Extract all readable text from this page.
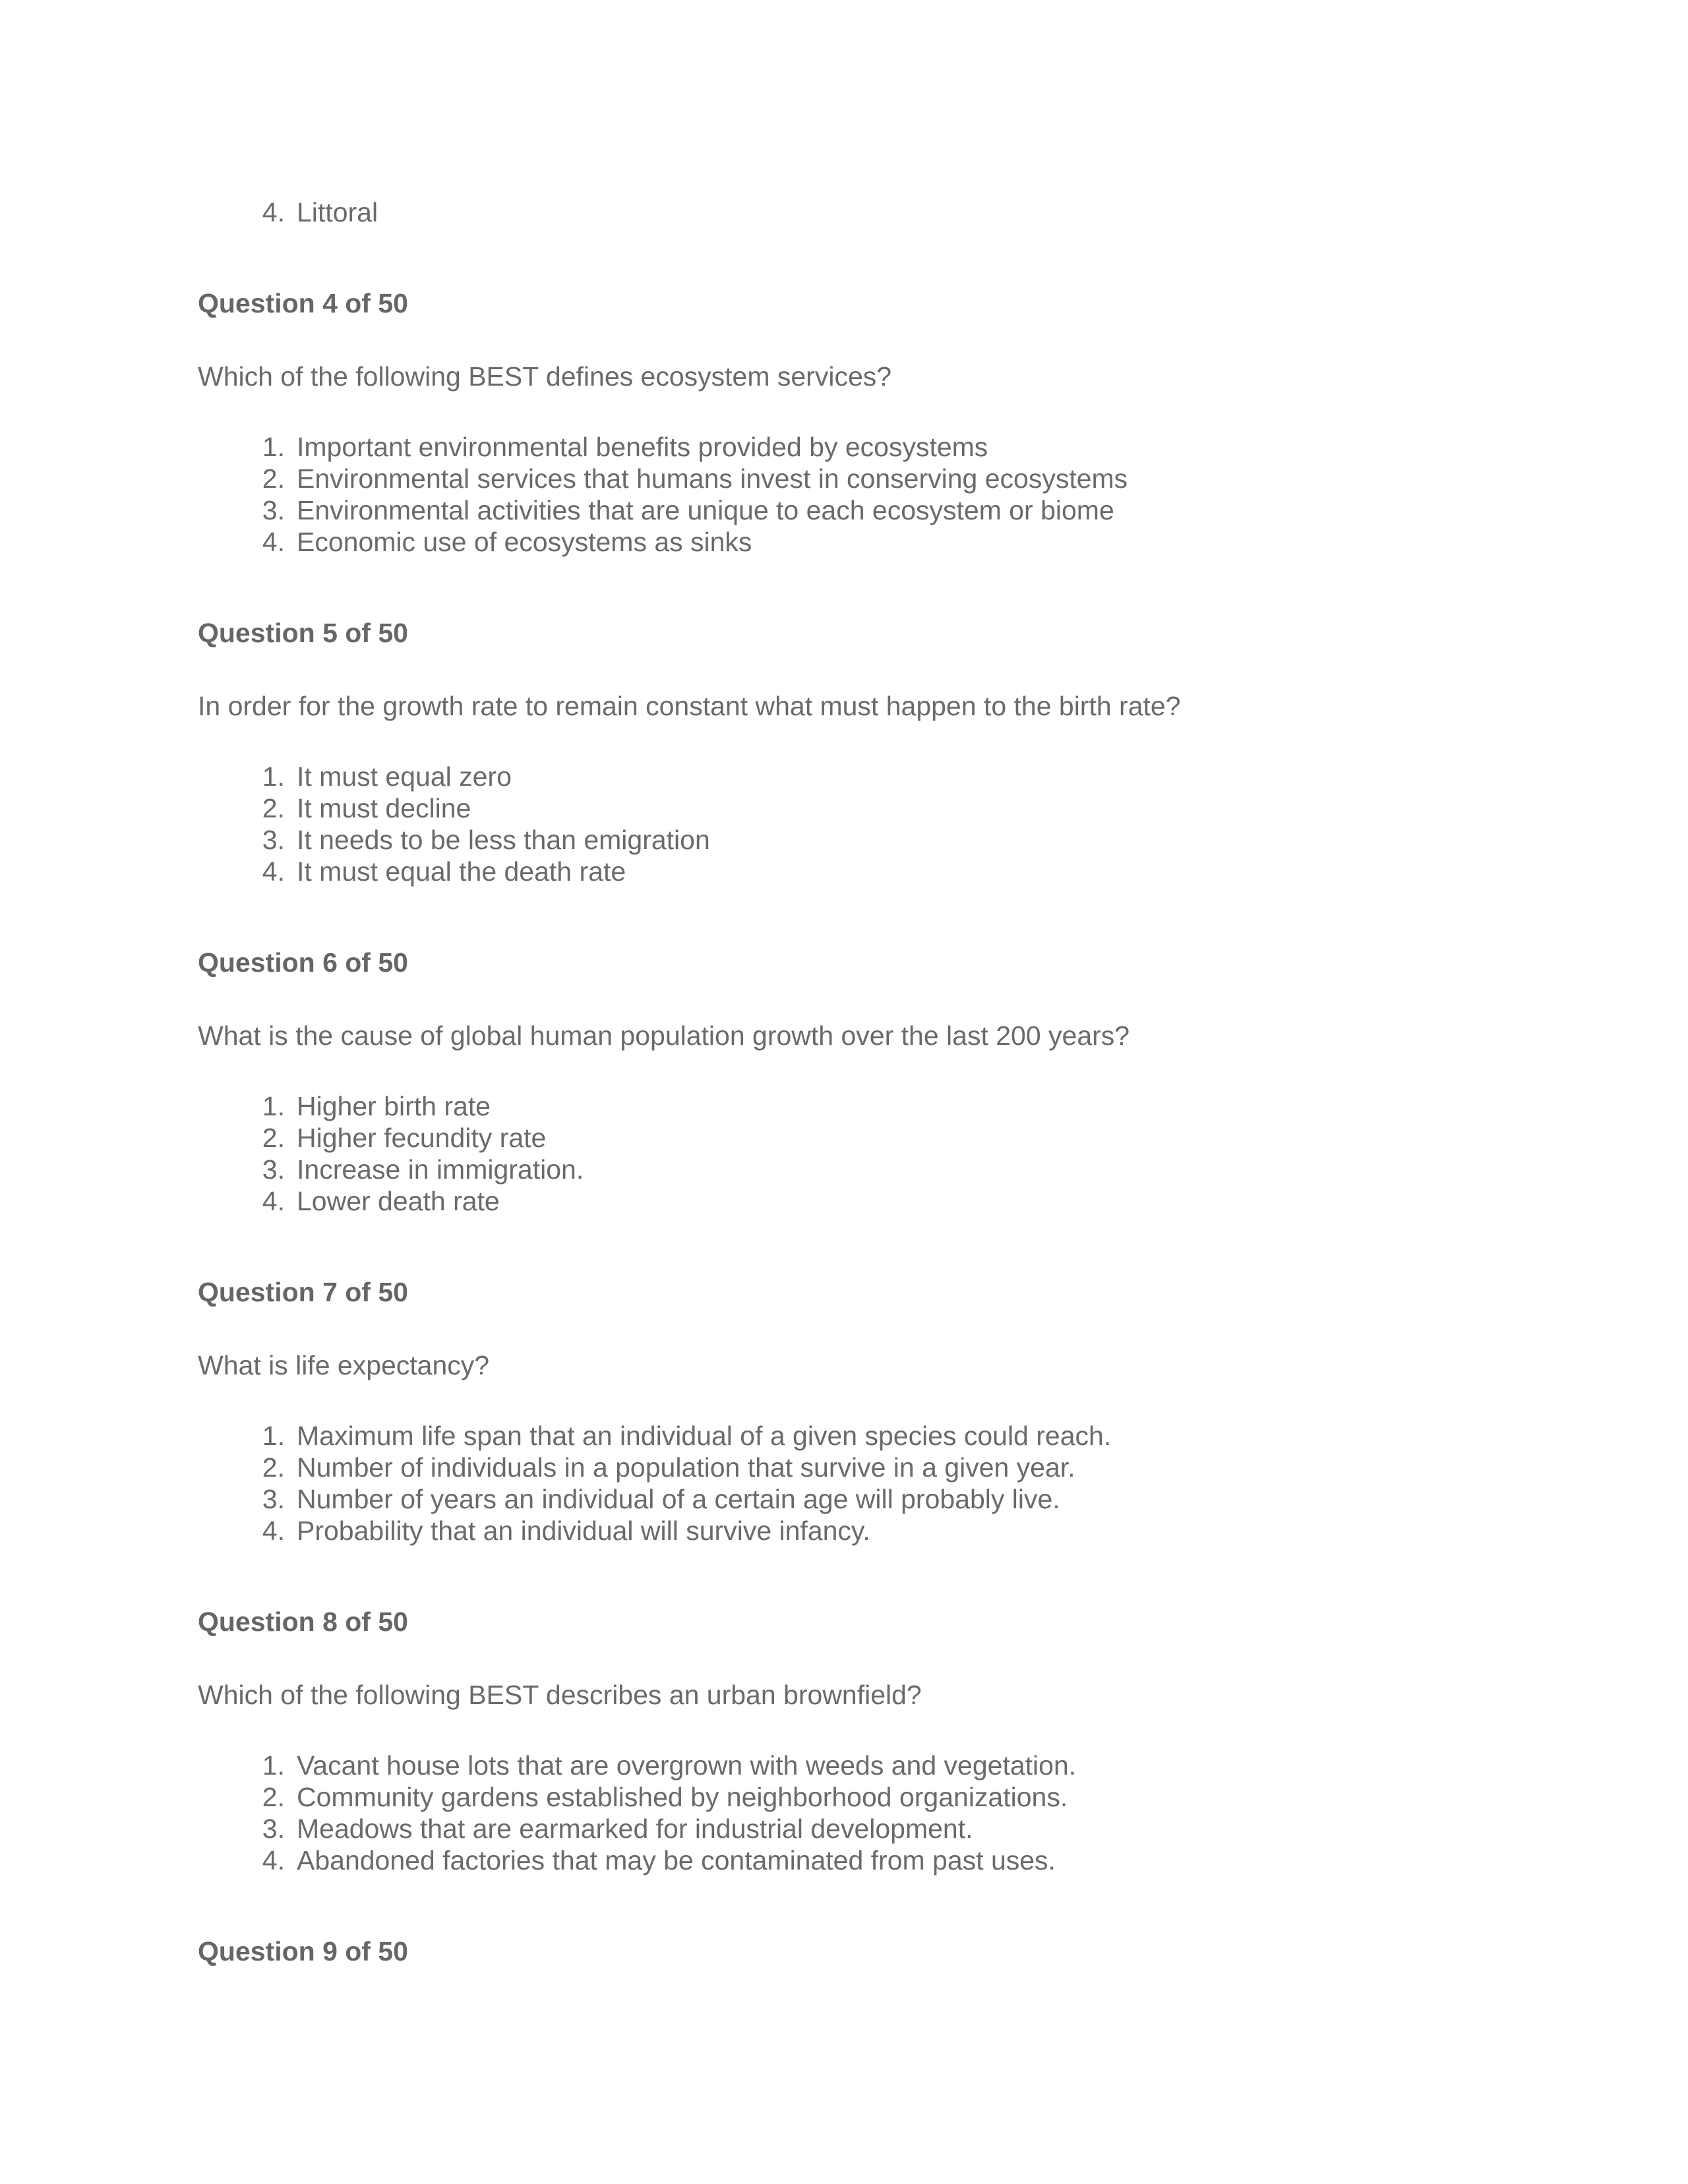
4. Littoral
Question 4 of 50
Which of the following BEST defines ecosystem services?
1. Important environmental benefits provided by ecosystems
2. Environmental services that humans invest in conserving ecosystems
3. Environmental activities that are unique to each ecosystem or biome
4. Economic use of ecosystems as sinks
Question 5 of 50
In order for the growth rate to remain constant what must happen to the birth rate?
1. It must equal zero
2. It must decline
3. It needs to be less than emigration
4. It must equal the death rate
Question 6 of 50
What is the cause of global human population growth over the last 200 years?
1. Higher birth rate
2. Higher fecundity rate
3. Increase in immigration.
4. Lower death rate
Question 7 of 50
What is life expectancy?
1. Maximum life span that an individual of a given species could reach.
2. Number of individuals in a population that survive in a given year.
3. Number of years an individual of a certain age will probably live.
4. Probability that an individual will survive infancy.
Question 8 of 50
Which of the following BEST describes an urban brownfield?
1. Vacant house lots that are overgrown with weeds and vegetation.
2. Community gardens established by neighborhood organizations.
3. Meadows that are earmarked for industrial development.
4. Abandoned factories that may be contaminated from past uses.
Question 9 of 50
